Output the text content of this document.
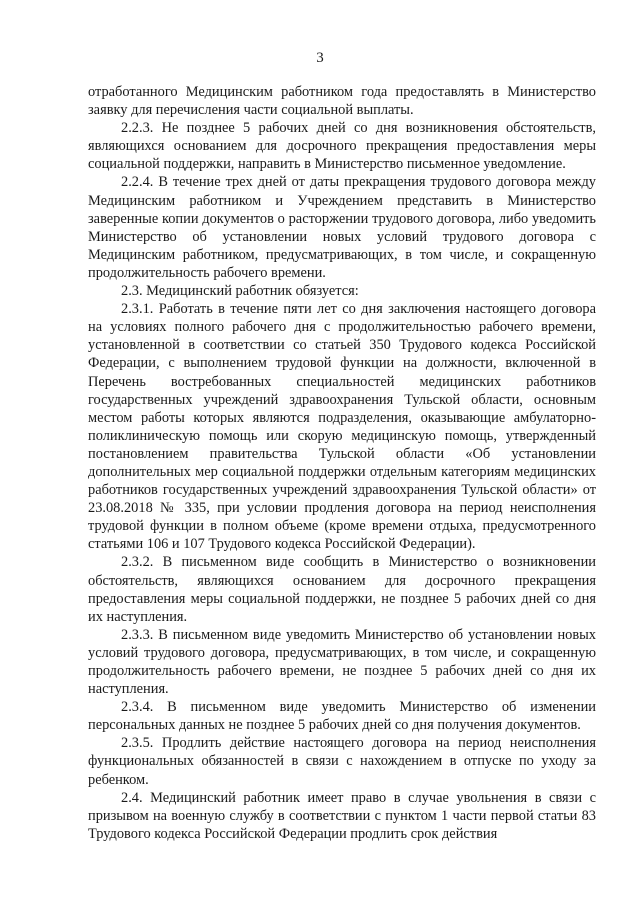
3

отработанного Медицинским работником года предоставлять в Министерство заявку для перечисления части социальной выплаты.

2.2.3. Не позднее 5 рабочих дней со дня возникновения обстоятельств, являющихся основанием для досрочного прекращения предоставления меры социальной поддержки, направить в Министерство письменное уведомление.

2.2.4. В течение трех дней от даты прекращения трудового договора между Медицинским работником и Учреждением представить в Министерство заверенные копии документов о расторжении трудового договора, либо уведомить Министерство об установлении новых условий трудового договора с Медицинским работником, предусматривающих, в том числе, и сокращенную продолжительность рабочего времени.

2.3. Медицинский работник обязуется:

2.3.1. Работать в течение пяти лет со дня заключения настоящего договора на условиях полного рабочего дня с продолжительностью рабочего времени, установленной в соответствии со статьей 350 Трудового кодекса Российской Федерации, с выполнением трудовой функции на должности, включенной в Перечень востребованных специальностей медицинских работников государственных учреждений здравоохранения Тульской области, основным местом работы которых являются подразделения, оказывающие амбулаторно-поликлиническую помощь или скорую медицинскую помощь, утвержденный постановлением правительства Тульской области «Об установлении дополнительных мер социальной поддержки отдельным категориям медицинских работников государственных учреждений здравоохранения Тульской области» от 23.08.2018 № 335, при условии продления договора на период неисполнения трудовой функции в полном объеме (кроме времени отдыха, предусмотренного статьями 106 и 107 Трудового кодекса Российской Федерации).

2.3.2. В письменном виде сообщить в Министерство о возникновении обстоятельств, являющихся основанием для досрочного прекращения предоставления меры социальной поддержки, не позднее 5 рабочих дней со дня их наступления.

2.3.3. В письменном виде уведомить Министерство об установлении новых условий трудового договора, предусматривающих, в том числе, и сокращенную продолжительность рабочего времени, не позднее 5 рабочих дней со дня их наступления.

2.3.4. В письменном виде уведомить Министерство об изменении персональных данных не позднее 5 рабочих дней со дня получения документов.

2.3.5. Продлить действие настоящего договора на период неисполнения функциональных обязанностей в связи с нахождением в отпуске по уходу за ребенком.

2.4. Медицинский работник имеет право в случае увольнения в связи с призывом на военную службу в соответствии с пунктом 1 части первой статьи 83 Трудового кодекса Российской Федерации продлить срок действия
